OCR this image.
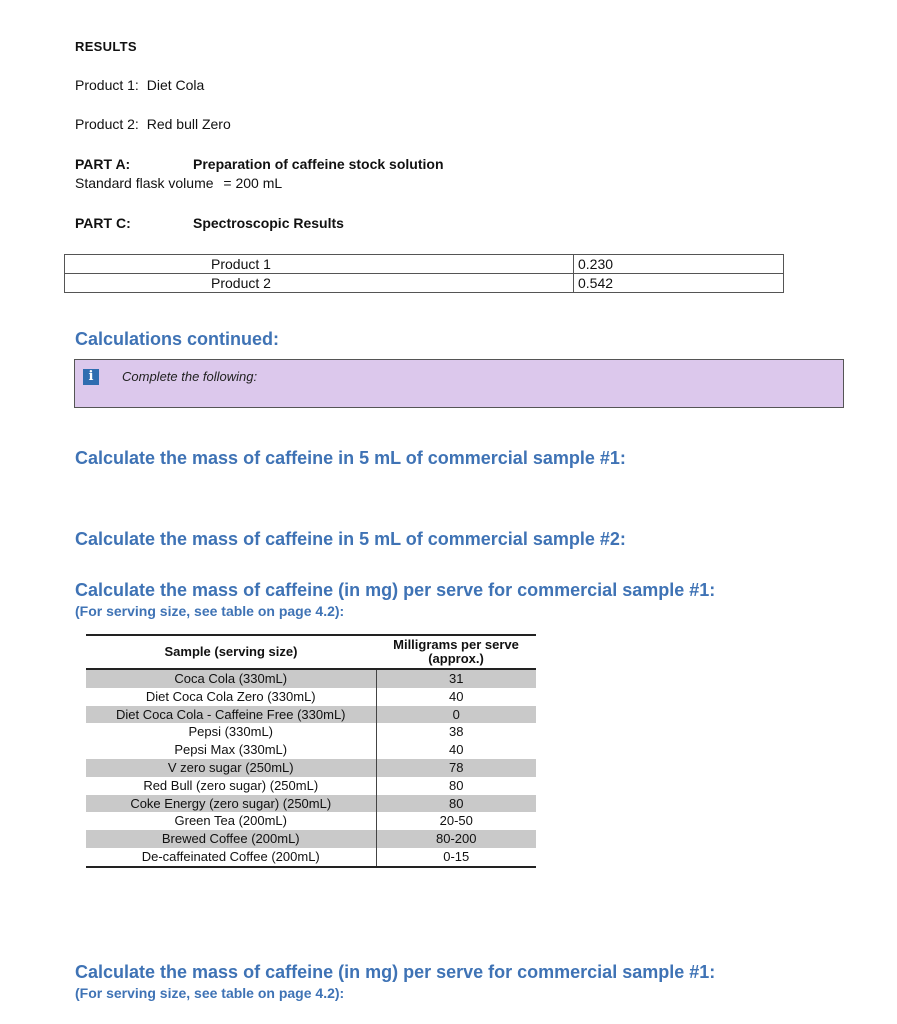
RESULTS
Product 1: Diet Cola
Product 2: Red bull Zero
PART A:	Preparation of caffeine stock solution
Standard flask volume = 200 mL
PART C:	Spectroscopic Results
Product 1	0.230
Product 2	0.542
Calculations continued:
i	Complete the following:
Calculate the mass of caffeine in 5 mL of commercial sample #1:
Calculate the mass of caffeine in 5 mL of commercial sample #2:
Calculate the mass of caffeine (in mg) per serve for commercial sample #1:
(For serving size, see table on page 4.2):
Sample (serving size)	Milligrams per serve
(approx.)
Coca Cola (330mL)	31
Diet Coca Cola Zero (330mL)	40
Diet Coca Cola - Caffeine Free (330mL)	0
Pepsi (330mL)	38
Pepsi Max (330mL)	40
V zero sugar (250mL)	78
Red Bull (zero sugar) (250mL)	80
Coke Energy (zero sugar) (250mL)	80
Green Tea (200mL)	20-50
Brewed Coffee (200mL)	80-200
De-caffeinated Coffee (200mL)	0-15
Calculate the mass of caffeine (in mg) per serve for commercial sample #1:
(For serving size, see table on page 4.2):
